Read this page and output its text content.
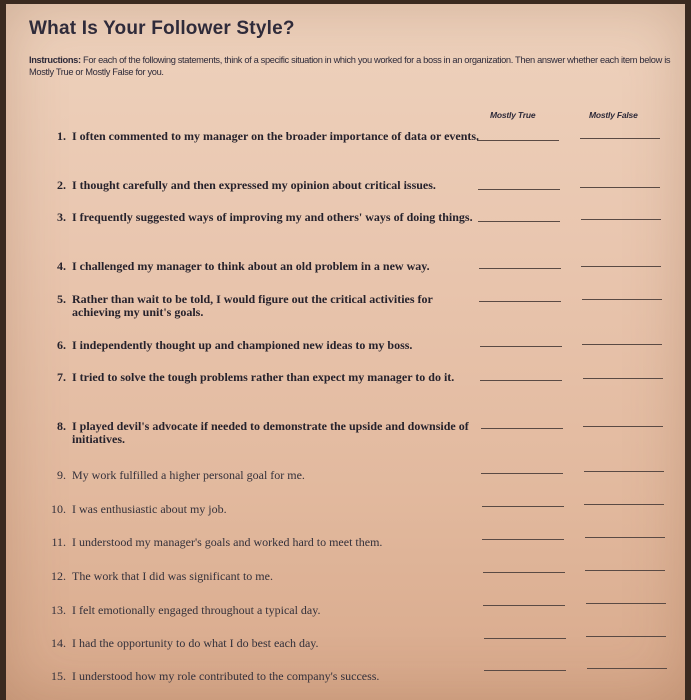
What Is Your Follower Style?
Instructions: For each of the following statements, think of a specific situation in which you worked for a boss in an organization. Then answer whether each item below is Mostly True or Mostly False for you.
Mostly True	Mostly False
1. I often commented to my manager on the broader importance of data or events.
2. I thought carefully and then expressed my opinion about critical issues.
3. I frequently suggested ways of improving my and others' ways of doing things.
4. I challenged my manager to think about an old problem in a new way.
5. Rather than wait to be told, I would figure out the critical activities for achieving my unit's goals.
6. I independently thought up and championed new ideas to my boss.
7. I tried to solve the tough problems rather than expect my manager to do it.
8. I played devil's advocate if needed to demonstrate the upside and downside of initiatives.
9. My work fulfilled a higher personal goal for me.
10. I was enthusiastic about my job.
11. I understood my manager's goals and worked hard to meet them.
12. The work that I did was significant to me.
13. I felt emotionally engaged throughout a typical day.
14. I had the opportunity to do what I do best each day.
15. I understood how my role contributed to the company's success.
